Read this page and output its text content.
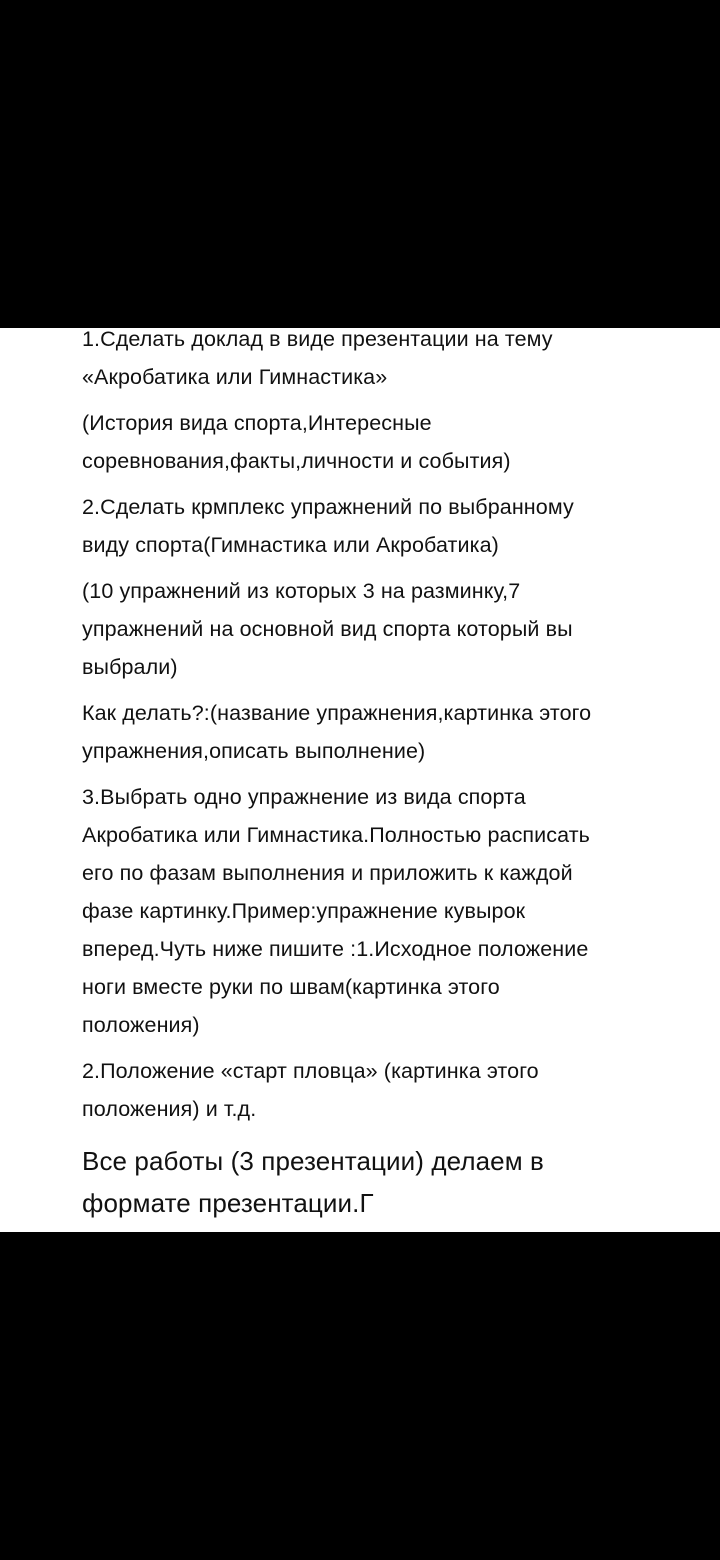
1.Сделать доклад в виде презентации на тему
«Акробатика или Гимнастика»

(История вида спорта,Интересные
соревнования,факты,личности и события)

2.Сделать крмплекс упражнений по выбранному
виду спорта(Гимнастика или Акробатика)

(10 упражнений из которых 3 на разминку,7
упражнений на основной вид спорта который вы
выбрали)

Как делать?:(название упражнения,картинка этого
упражнения,описать выполнение)

3.Выбрать одно упражнение из вида спорта
Акробатика или Гимнастика.Полностью расписать
его по фазам выполнения и приложить к каждой
фазе картинку.Пример:упражнение кувырок
вперед.Чуть ниже пишите :1.Исходное положение
ноги вместе руки по швам(картинка этого
положения)

2.Положение «старт пловца» (картинка этого
положения) и т.д.

Все работы (3 презентации) делаем в
формате презентации.Г
